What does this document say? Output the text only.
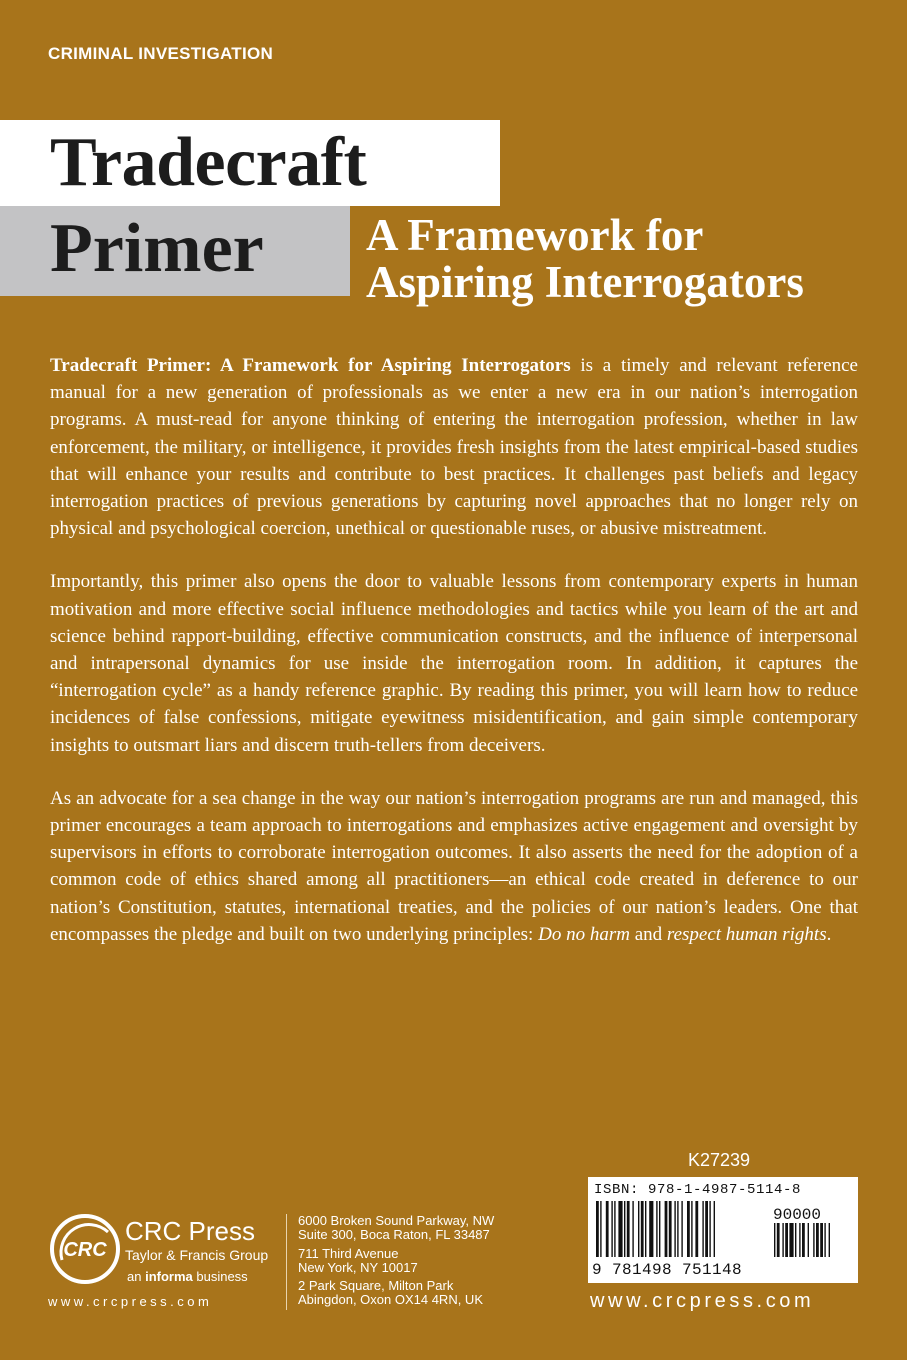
CRIMINAL INVESTIGATION
Tradecraft
Primer A Framework for
Aspiring Interrogators

Tradecraft Primer: A Framework for Aspiring Interrogators is a timely and relevant reference manual for a new generation of professionals as we enter a new era in our nation’s interrogation programs. A must-read for anyone thinking of entering the interrogation profession, whether in law enforcement, the military, or intelligence, it provides fresh insights from the latest empirical-based studies that will enhance your results and contribute to best practices. It challenges past beliefs and legacy interrogation practices of previous generations by capturing novel approaches that no longer rely on physical and psychological coercion, unethical or questionable ruses, or abusive mistreatment.

Importantly, this primer also opens the door to valuable lessons from contemporary experts in human motivation and more effective social influence methodologies and tactics while you learn of the art and science behind rapport-building, effective communication constructs, and the influence of interpersonal and intrapersonal dynamics for use inside the interrogation room. In addition, it captures the “interrogation cycle” as a handy reference graphic. By reading this primer, you will learn how to reduce incidences of false confessions, mitigate eyewitness misidentification, and gain simple contemporary insights to outsmart liars and discern truth-tellers from deceivers.

As an advocate for a sea change in the way our nation’s interrogation programs are run and managed, this primer encourages a team approach to interrogations and emphasizes active engagement and oversight by supervisors in efforts to corroborate interrogation outcomes. It also asserts the need for the adoption of a common code of ethics shared among all practitioners—an ethical code created in deference to our nation’s Constitution, statutes, international treaties, and the policies of our nation’s leaders. One that encompasses the pledge and built on two underlying principles: Do no harm and respect human rights.

K27239
ISBN: 978-1-4987-5114-8
90000
9 781498 751148
www.crcpress.com
CRC
CRC Press
Taylor & Francis Group
an informa business
www.crcpress.com
6000 Broken Sound Parkway, NW
Suite 300, Boca Raton, FL 33487
711 Third Avenue
New York, NY 10017
2 Park Square, Milton Park
Abingdon, Oxon OX14 4RN, UK
